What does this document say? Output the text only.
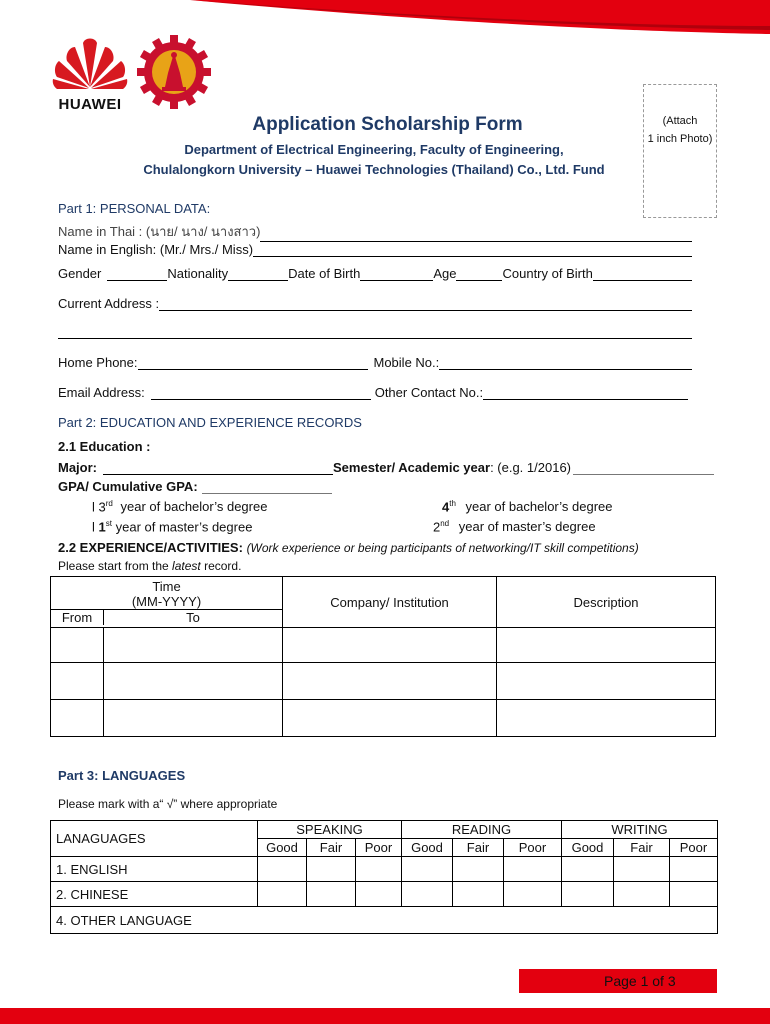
HUAWEI
(Attach
1 inch Photo)
Application Scholarship Form
Department of Electrical Engineering, Faculty of Engineering,
Chulalongkorn University – Huawei Technologies (Thailand) Co., Ltd. Fund
Part 1: PERSONAL DATA:
Name in Thai : (นาย/ นาง/ นางสาว)
Name in English: (Mr./ Mrs./ Miss)
Gender	Nationality	Date of Birth	Age	Country of Birth
Current Address :
Home Phone:	Mobile No.:
Email Address:	Other Contact No.:
Part 2: EDUCATION AND EXPERIENCE RECORDS
2.1 Education :
Major:	Semester/ Academic year : (e.g. 1/2016)
GPA/ Cumulative GPA:
l 3rd year of bachelor’s degree	4th year of bachelor’s degree
l 1st year of master’s degree	2nd year of master’s degree
2.2 EXPERIENCE/ACTIVITIES: (Work experience or being participants of networking/IT skill competitions)
Please start from the latest record.
Time
(MM-YYYY)
From To		Company/ Institution	Description

Part 3: LANGUAGES
Please mark with a“ √” where appropriate
LANAGUAGES	SPEAKING			READING			WRITING		
	Good	Fair	Poor	Good	Fair	Poor	Good	Fair	Poor
1. ENGLISH									
2. CHINESE									
4. OTHER LANGUAGE									
Page 1 of 3
